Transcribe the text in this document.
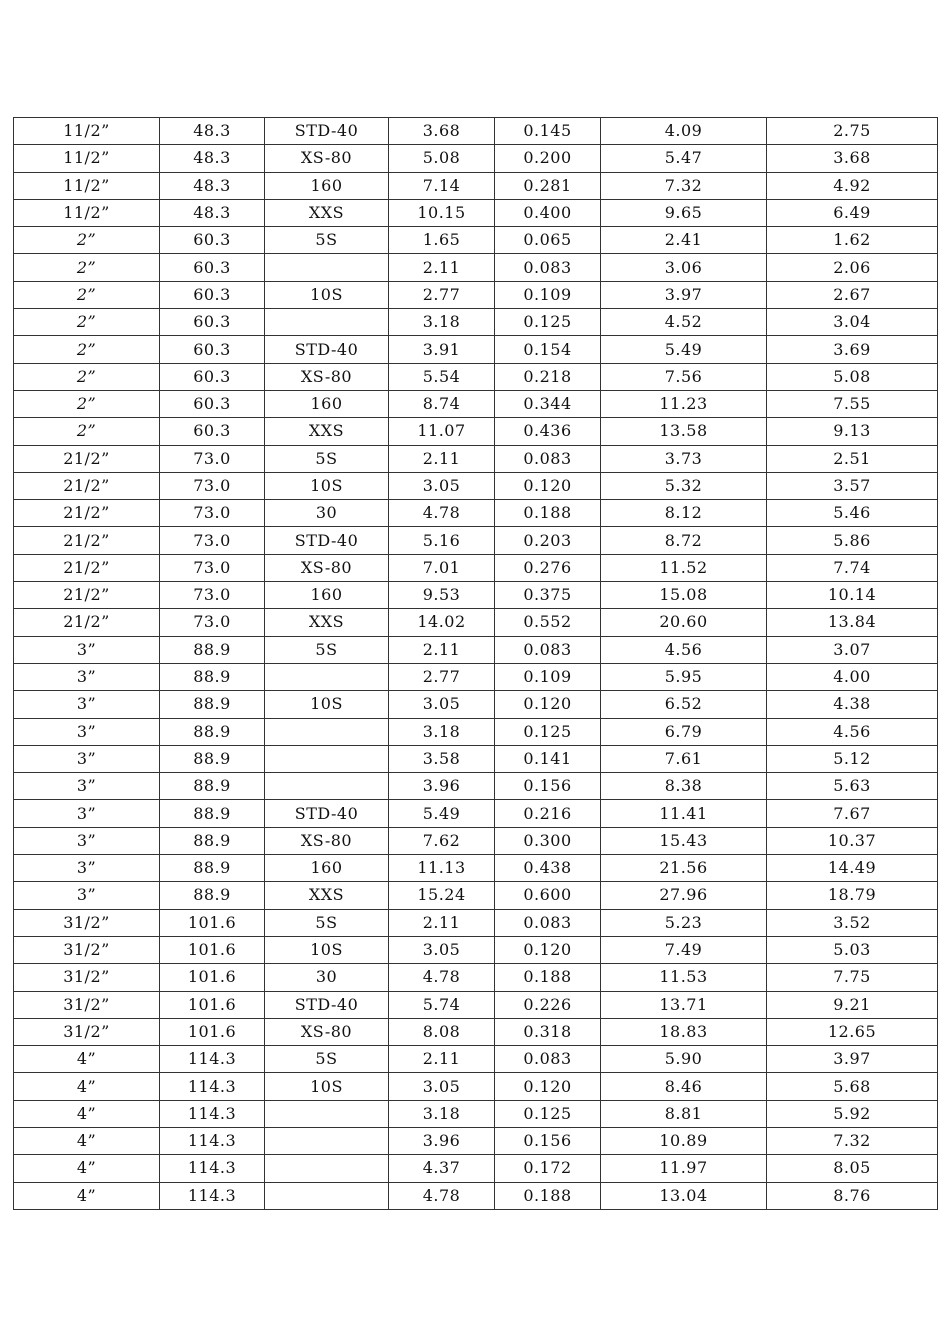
11/2”	48.3	STD-40	3.68	0.145	4.09	2.75
11/2”	48.3	XS-80	5.08	0.200	5.47	3.68
11/2”	48.3	160	7.14	0.281	7.32	4.92
11/2”	48.3	XXS	10.15	0.400	9.65	6.49
2”	60.3	5S	1.65	0.065	2.41	1.62
2”	60.3		2.11	0.083	3.06	2.06
2”	60.3	10S	2.77	0.109	3.97	2.67
2”	60.3		3.18	0.125	4.52	3.04
2”	60.3	STD-40	3.91	0.154	5.49	3.69
2”	60.3	XS-80	5.54	0.218	7.56	5.08
2”	60.3	160	8.74	0.344	11.23	7.55
2”	60.3	XXS	11.07	0.436	13.58	9.13
21/2”	73.0	5S	2.11	0.083	3.73	2.51
21/2”	73.0	10S	3.05	0.120	5.32	3.57
21/2”	73.0	30	4.78	0.188	8.12	5.46
21/2”	73.0	STD-40	5.16	0.203	8.72	5.86
21/2”	73.0	XS-80	7.01	0.276	11.52	7.74
21/2”	73.0	160	9.53	0.375	15.08	10.14
21/2”	73.0	XXS	14.02	0.552	20.60	13.84
3”	88.9	5S	2.11	0.083	4.56	3.07
3”	88.9		2.77	0.109	5.95	4.00
3”	88.9	10S	3.05	0.120	6.52	4.38
3”	88.9		3.18	0.125	6.79	4.56
3”	88.9		3.58	0.141	7.61	5.12
3”	88.9		3.96	0.156	8.38	5.63
3”	88.9	STD-40	5.49	0.216	11.41	7.67
3”	88.9	XS-80	7.62	0.300	15.43	10.37
3”	88.9	160	11.13	0.438	21.56	14.49
3”	88.9	XXS	15.24	0.600	27.96	18.79
31/2”	101.6	5S	2.11	0.083	5.23	3.52
31/2”	101.6	10S	3.05	0.120	7.49	5.03
31/2”	101.6	30	4.78	0.188	11.53	7.75
31/2”	101.6	STD-40	5.74	0.226	13.71	9.21
31/2”	101.6	XS-80	8.08	0.318	18.83	12.65
4”	114.3	5S	2.11	0.083	5.90	3.97
4”	114.3	10S	3.05	0.120	8.46	5.68
4”	114.3		3.18	0.125	8.81	5.92
4”	114.3		3.96	0.156	10.89	7.32
4”	114.3		4.37	0.172	11.97	8.05
4”	114.3		4.78	0.188	13.04	8.76
